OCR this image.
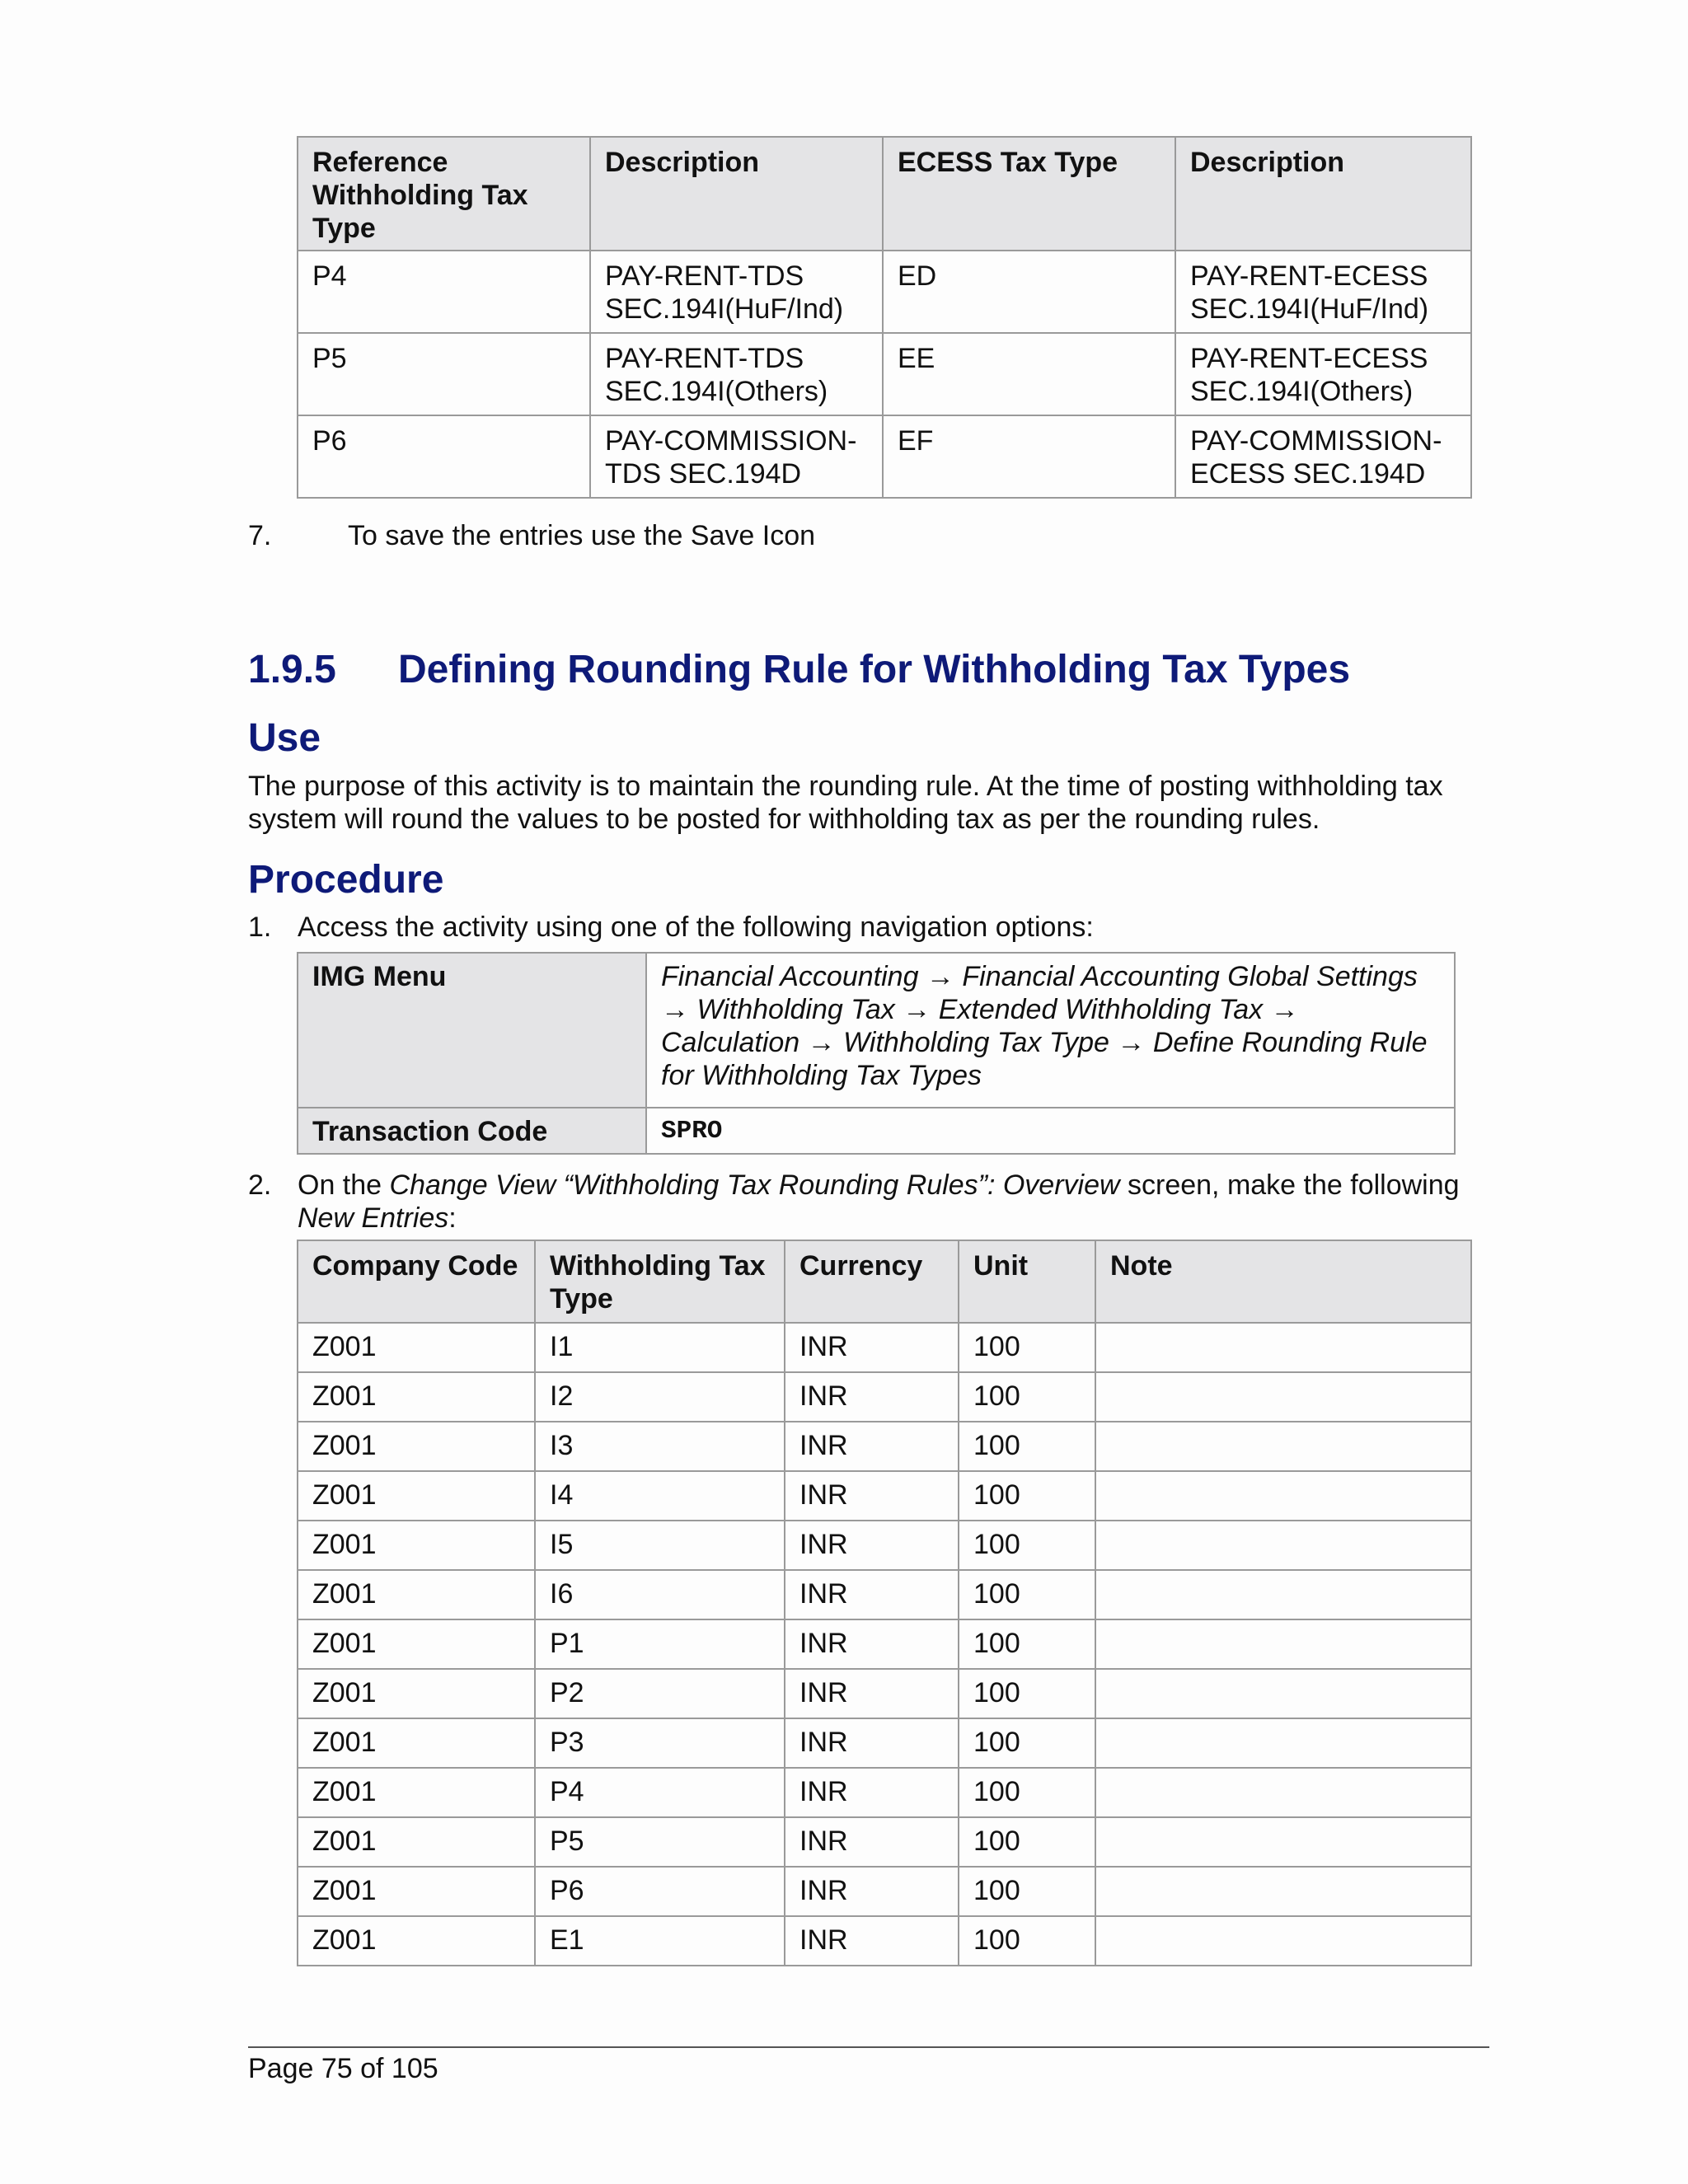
Reference Withholding Tax Type	Description	ECESS Tax Type	Description
P4	PAY-RENT-TDS SEC.194I(HuF/Ind)	ED	PAY-RENT-ECESS SEC.194I(HuF/Ind)
P5	PAY-RENT-TDS SEC.194I(Others)	EE	PAY-RENT-ECESS SEC.194I(Others)
P6	PAY-COMMISSION-TDS SEC.194D	EF	PAY-COMMISSION-ECESS SEC.194D
7.	To save the entries use the Save Icon
1.9.5 Defining Rounding Rule for Withholding Tax Types
Use
The purpose of this activity is to maintain the rounding rule. At the time of posting withholding tax system will round the values to be posted for withholding tax as per the rounding rules.
Procedure
1. Access the activity using one of the following navigation options:
IMG Menu	Financial Accounting → Financial Accounting Global Settings → Withholding Tax → Extended Withholding Tax → Calculation → Withholding Tax Type → Define Rounding Rule for Withholding Tax Types
Transaction Code	SPRO
2. On the Change View “Withholding Tax Rounding Rules”: Overview screen, make the following New Entries:
Company Code	Withholding Tax Type	Currency	Unit	Note
Z001	I1	INR	100	
Z001	I2	INR	100	
Z001	I3	INR	100	
Z001	I4	INR	100	
Z001	I5	INR	100	
Z001	I6	INR	100	
Z001	P1	INR	100	
Z001	P2	INR	100	
Z001	P3	INR	100	
Z001	P4	INR	100	
Z001	P5	INR	100	
Z001	P6	INR	100	
Z001	E1	INR	100	
Page 75 of 105
